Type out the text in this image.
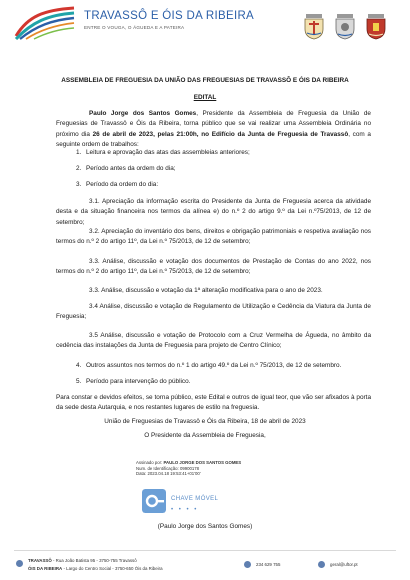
TRAVASSÔ E ÓIS DA RIBEIRA
ENTRE O VOUGA, O ÁGUEDA E A PATEIRA
ASSEMBLEIA DE FREGUESIA DA UNIÃO DAS FREGUESIAS DE TRAVASSÔ E ÓIS DA RIBEIRA
EDITAL
Paulo Jorge dos Santos Gomes, Presidente da Assembleia de Freguesia da União de Freguesias de Travassô e Óis da Ribeira, torna público que se vai realizar uma Assembleia Ordinária no próximo dia 26 de abril de 2023, pelas 21:00h, no Edifício da Junta de Freguesia de Travassô, com a seguinte ordem de trabalhos:
1. Leitura e aprovação das atas das assembleias anteriores;
2. Período antes da ordem do dia;
3. Período da ordem do dia:
3.1. Apreciação da informação escrita do Presidente da Junta de Freguesia acerca da atividade desta e da situação financeira nos termos da alínea e) do n.º 2 do artigo 9.º da Lei n.º75/2013, de 12 de setembro;
3.2. Apreciação do inventário dos bens, direitos e obrigação patrimoniais e respetiva avaliação nos termos do n.º 2 do artigo 11º, da Lei n.º 75/2013, de 12 de setembro;
3.3. Análise, discussão e votação dos documentos de Prestação de Contas do ano 2022, nos termos do n.º 2 do artigo 11º, da Lei n.º 75/2013, de 12 de setembro;
3.3. Análise, discussão e votação da 1ª alteração modificativa para o ano de 2023.
3.4 Análise, discussão e votação de Regulamento de Utilização e Cedência da Viatura da Junta de Freguesia;
3.5 Análise, discussão e votação de Protocolo com a Cruz Vermelha de Águeda, no âmbito da cedência das instalações da Junta de Freguesia para projeto de Centro Clínico;
4. Outros assuntos nos termos do n.º 1 do artigo 49.º da Lei n.º 75/2013, de 12 de setembro.
5. Período para intervenção do público.
Para constar e devidos efeitos, se torna público, este Edital e outros de igual teor, que vão ser afixados à porta da sede desta Autarquia, e nos restantes lugares de estilo na freguesia.
União de Freguesias de Travassô e Óis da Ribeira, 18 de abril de 2023
O Presidente da Assembleia de Freguesia,
Assinado por: PAULO JORGE DOS SANTOS GOMES
Num. de Identificação: 09900178
Data: 2023.04.18 19:53:41+01'00'
CHAVE MÓVEL
• • • •
(Paulo Jorge dos Santos Gomes)
TRAVASSÔ - Rua João Batista 95 - 3750-755 Travassô
ÓIS DA RIBEIRA - Largo do Centro Social - 3750-650 Óis da Ribeira
234 629 755	geral@uftor.pt
